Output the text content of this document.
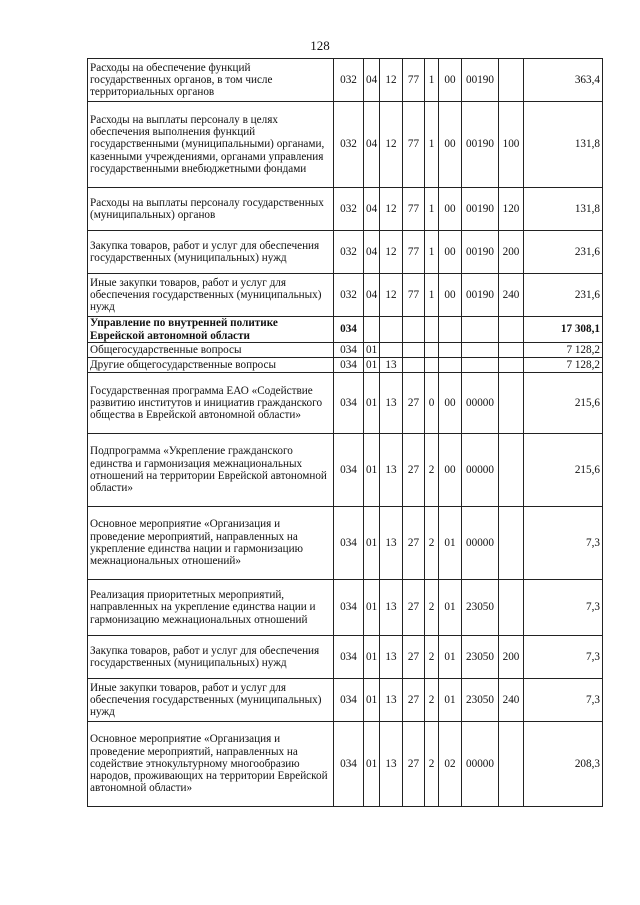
128
Расходы на обеспечение функций государственных органов, в том числе территориальных органов	032	04	12	77	1	00	00190		363,4
Расходы на выплаты персоналу в целях обеспечения выполнения функций государственными (муниципальными) органами, казенными учреждениями, органами управления государственными внебюджетными фондами	032	04	12	77	1	00	00190	100	131,8
Расходы на выплаты персоналу государственных (муниципальных) органов	032	04	12	77	1	00	00190	120	131,8
Закупка товаров, работ и услуг для обеспечения государственных (муниципальных) нужд	032	04	12	77	1	00	00190	200	231,6
Иные закупки товаров, работ и услуг для обеспечения государственных (муниципальных) нужд	032	04	12	77	1	00	00190	240	231,6
Управление по внутренней политике Еврейской автономной области	034								17 308,1
Общегосударственные вопросы	034	01							7 128,2
Другие общегосударственные вопросы	034	01	13						7 128,2
Государственная программа ЕАО «Содействие развитию институтов и инициатив гражданского общества в Еврейской автономной области»	034	01	13	27	0	00	00000		215,6
Подпрограмма «Укрепление гражданского единства и гармонизация межнациональных отношений на территории Еврейской автономной области»	034	01	13	27	2	00	00000		215,6
Основное мероприятие «Организация и проведение мероприятий, направленных на укрепление единства нации и гармонизацию межнациональных отношений»	034	01	13	27	2	01	00000		7,3
Реализация приоритетных мероприятий, направленных на укрепление единства нации и гармонизацию межнациональных отношений	034	01	13	27	2	01	23050		7,3
Закупка товаров, работ и услуг для обеспечения государственных (муниципальных) нужд	034	01	13	27	2	01	23050	200	7,3
Иные закупки товаров, работ и услуг для обеспечения государственных (муниципальных) нужд	034	01	13	27	2	01	23050	240	7,3
Основное мероприятие «Организация и проведение мероприятий, направленных на содействие этнокультурному многообразию народов, проживающих на территории Еврейской автономной области»	034	01	13	27	2	02	00000		208,3
